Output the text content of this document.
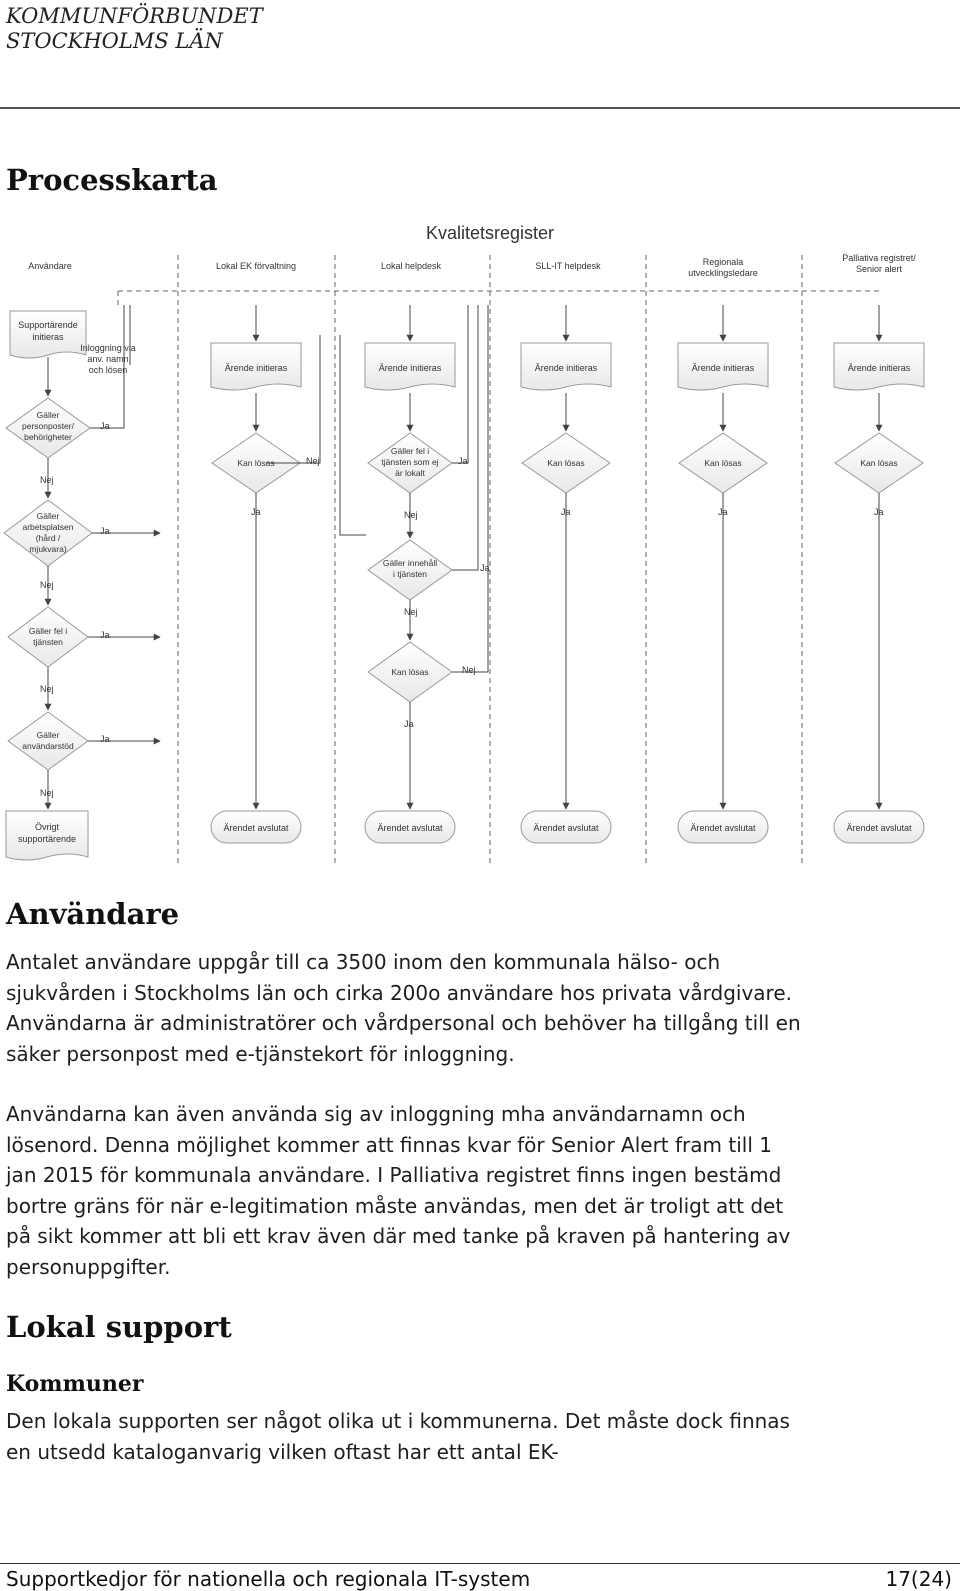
KOMMUNFÖRBUNDET
STOCKHOLMS LÄN
Processkarta
Kvalitetsregister
Användare	Lokal EK förvaltning	Lokal helpdesk	SLL-IT helpdesk	Regionala
utvecklingsledare
Palliativa registret/
Senior alert
Supportärende
initieras
Inloggning via
anv. namn
och lösen
Gäller
personposter/
behörigheter
Gäller
arbetsplatsen
(hård /
mjukvara)
Gäller fel i
tjänsten
Gäller
användarstöd
Övrigt
supportärende
Ja
Ja
Ja
Ja
Nej
Nej
Nej
Nej
Ärende initieras
Kan lösas
Ja
Ärendet avslutat
Ärende initieras
Ärendet avslutat
Ärende initieras
Kan lösas
Ja
Ärendet avslutat
Ärende initieras
Kan lösas
Ja
Ärendet avslutat
Ärende initieras
Kan lösas
Ja
Ärendet avslutat
Gäller fel i
tjänsten som ej
är lokalt
Gäller innehåll
i tjänsten
Kan lösas
Ja
Ja
Nej
Nej
Nej
Ja
Nej
Användare

Antalet användare uppgår till ca 3500 inom den kommunala hälso- och sjukvården i Stockholms län och cirka 200o användare hos privata vårdgivare. Användarna är administratörer och vårdpersonal och behöver ha tillgång till en säker personpost med e-tjänstekort för inloggning.

Användarna kan även använda sig av inloggning mha användarnamn och lösenord. Denna möjlighet kommer att finnas kvar för Senior Alert fram till 1 jan 2015 för kommunala användare. I Palliativa registret finns ingen bestämd bortre gräns för när e-legitimation måste användas, men det är troligt att det på sikt kommer att bli ett krav även där med tanke på kraven på hantering av personuppgifter.

Lokal support
Kommuner

Den lokala supporten ser något olika ut i kommunerna. Det måste dock finnas en utsedd kataloganvarig vilken oftast har ett antal EK-

Supportkedjor för nationella och regionala IT-system	17(24)
